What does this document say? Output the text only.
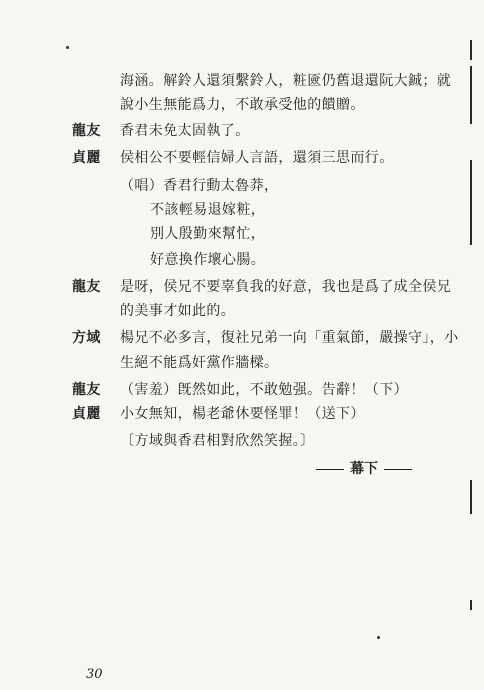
海涵。解鈴人還須繫鈴人，粧匳仍舊退還阮大鋮；就
說小生無能爲力，不敢承受他的饋贈。
龍友	香君未免太固執了。
貞麗	侯相公不要輕信婦人言語，還須三思而行。
（唱）香君行動太魯莽，
不該輕易退嫁粧，
別人殷勤來幫忙，
好意換作壞心腸。
龍友	是呀，侯兄不要辜負我的好意，我也是爲了成全侯兄
的美事才如此的。
方域	楊兄不必多言，復社兄弟一向「重氣節，嚴操守」，小
生絕不能爲奸黨作牆樑。
龍友	（害羞）旣然如此，不敢勉强。告辭！（下）
貞麗	小女無知，楊老爺休要怪罪！（送下）
〔方域與香君相對欣然笑握。〕
幕下
30
